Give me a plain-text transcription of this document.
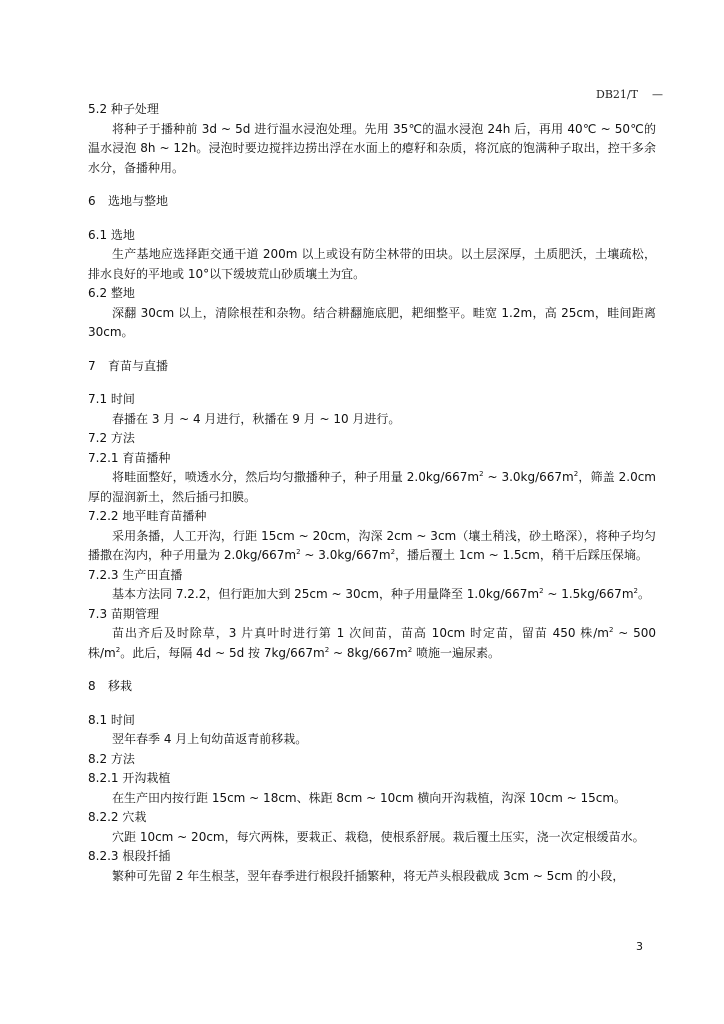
DB21/T —
5.2 种子处理

将种子于播种前 3d ~ 5d 进行温水浸泡处理。先用 35℃的温水浸泡 24h 后，再用 40℃ ~ 50℃的温水浸泡 8h ~ 12h。浸泡时要边搅拌边捞出浮在水面上的瘪籽和杂质，将沉底的饱满种子取出，控干多余水分，备播种用。

6 选地与整地
6.1 选地

生产基地应选择距交通干道 200m 以上或设有防尘林带的田块。以土层深厚，土质肥沃，土壤疏松，排水良好的平地或 10°以下缓坡荒山砂质壤土为宜。

6.2 整地

深翻 30cm 以上，清除根茬和杂物。结合耕翻施底肥，耙细整平。畦宽 1.2m，高 25cm，畦间距离 30cm。

7 育苗与直播
7.1 时间

春播在 3 月 ~ 4 月进行，秋播在 9 月 ~ 10 月进行。

7.2 方法
7.2.1 育苗播种

将畦面整好，喷透水分，然后均匀撒播种子，种子用量 $2.0kg/667m^2$ ~ $3.0kg/667m^2$，筛盖 2.0cm 厚的湿润新土，然后插弓扣膜。

7.2.2 地平畦育苗播种

采用条播，人工开沟，行距 15cm ~ 20cm，沟深 2cm ~ 3cm（壤土稍浅，砂土略深），将种子均匀播撒在沟内，种子用量为 $2.0kg/667m^2$ ~ $3.0kg/667m^2$，播后覆土 1cm ~ 1.5cm，稍干后踩压保墒。

7.2.3 生产田直播

基本方法同 7.2.2，但行距加大到 25cm ~ 30cm，种子用量降至 $1.0kg/667m^2$ ~ $1.5kg/667m^2$。

7.3 苗期管理

苗出齐后及时除草，3 片真叶时进行第 1 次间苗，苗高 10cm 时定苗，留苗 450 株$/m^2$ ~ 500 株$/m^2$。此后，每隔 4d ~ 5d 按 $7kg/667m^2$ ~ $8kg/667m^2$ 喷施一遍尿素。

8 移栽
8.1 时间

翌年春季 4 月上旬幼苗返青前移栽。

8.2 方法
8.2.1 开沟栽植

在生产田内按行距 15cm ~ 18cm、株距 8cm ~ 10cm 横向开沟栽植，沟深 10cm ~ 15cm。

8.2.2 穴栽

穴距 10cm ~ 20cm，每穴两株，要栽正、栽稳，使根系舒展。栽后覆土压实，浇一次定根缓苗水。

8.2.3 根段扦插

繁种可先留 2 年生根茎，翌年春季进行根段扦插繁种，将无芦头根段截成 3cm ~ 5cm 的小段，

3
